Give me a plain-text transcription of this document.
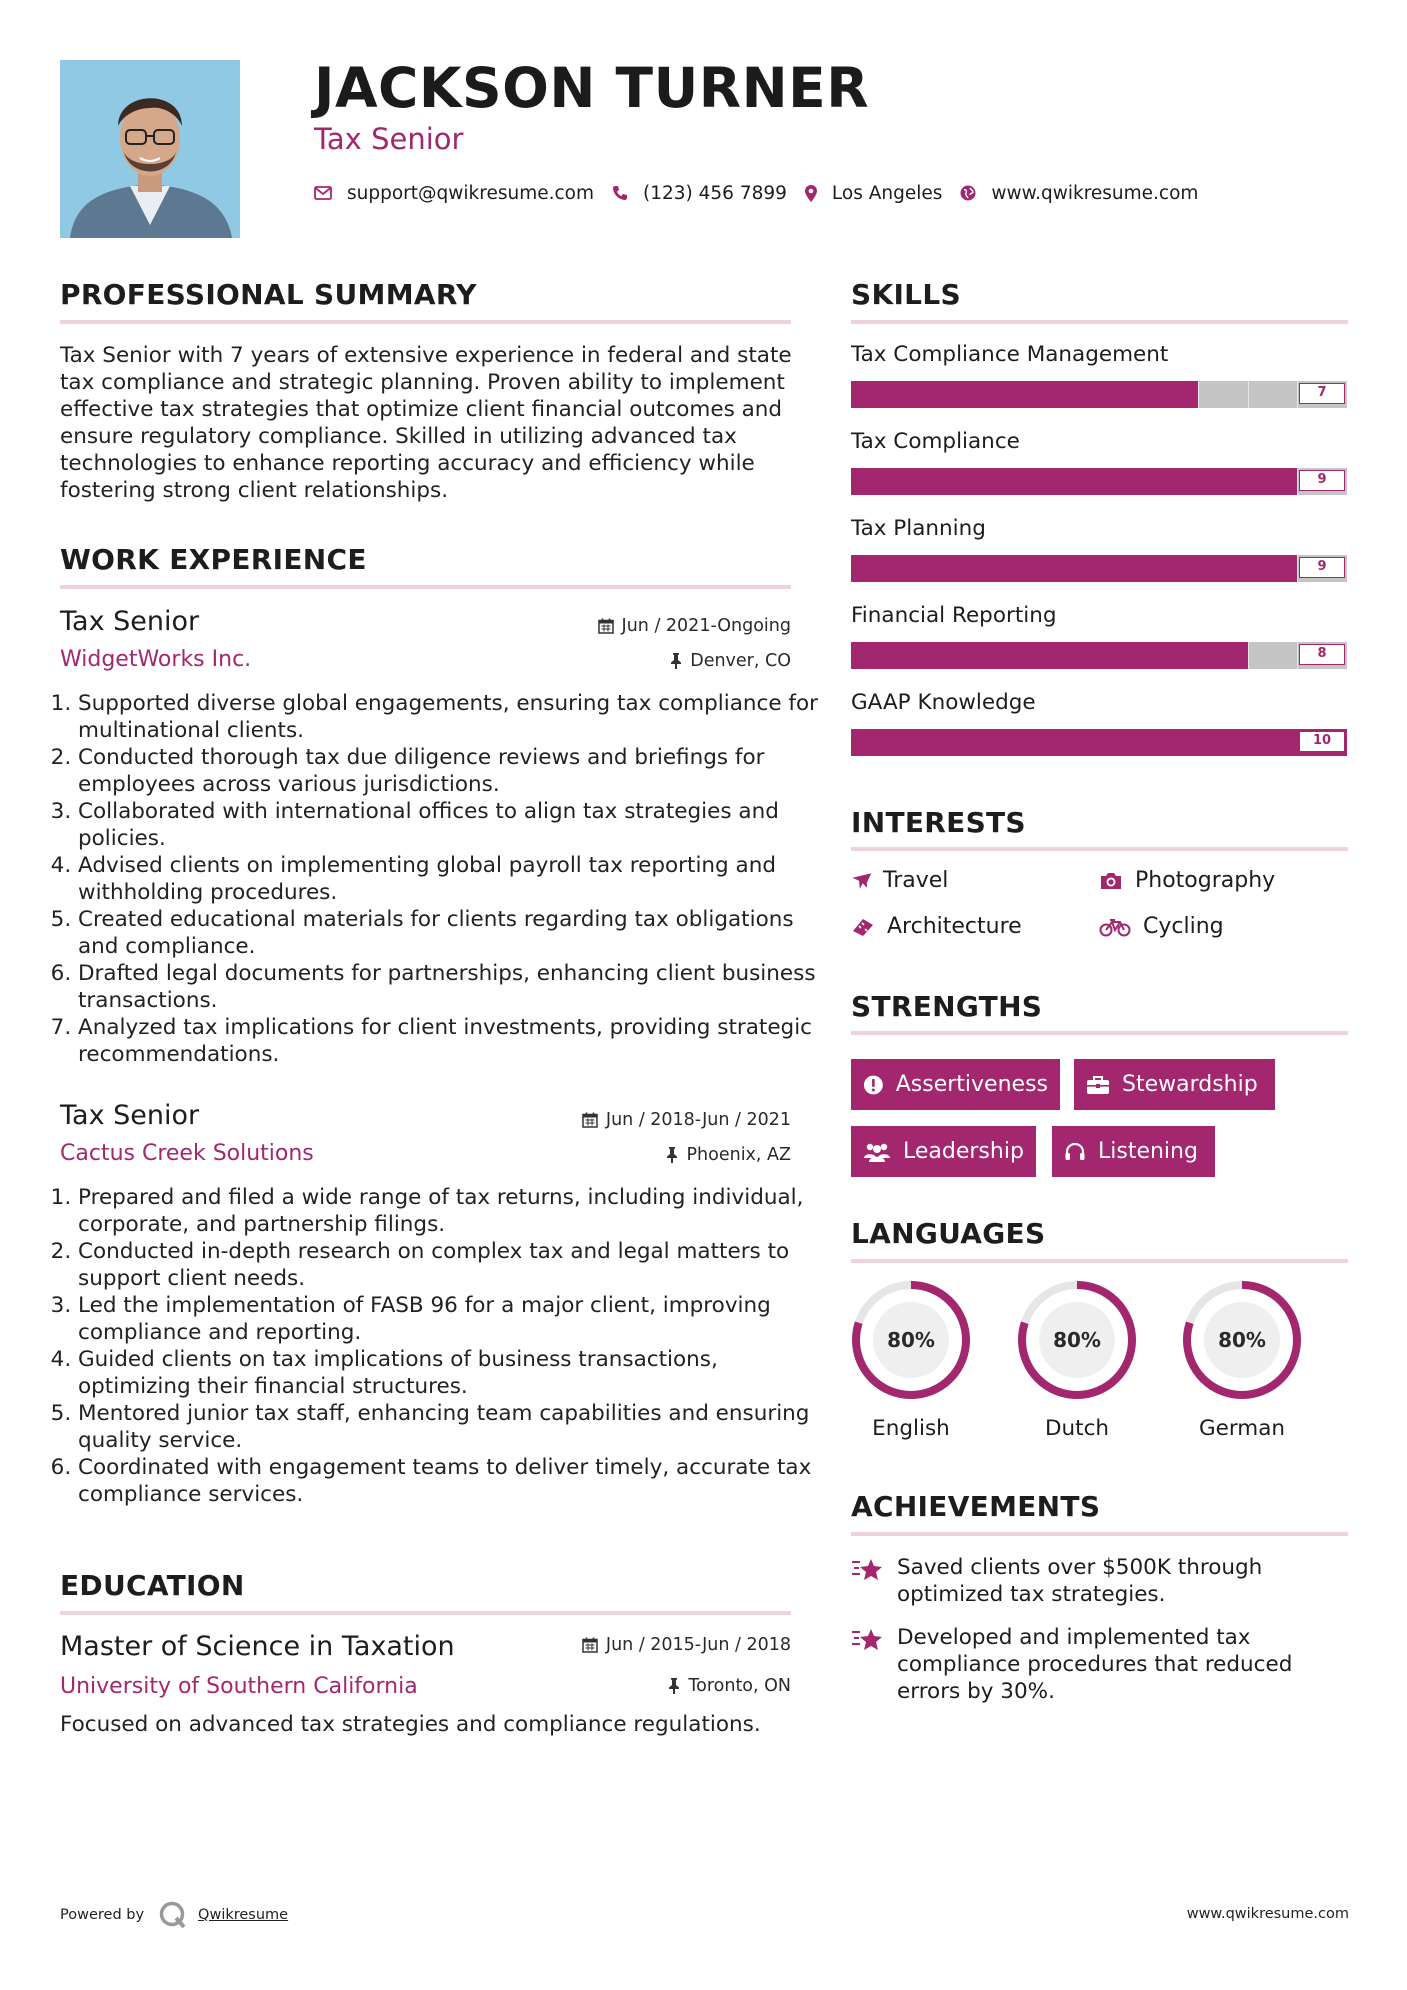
JACKSON TURNER
Tax Senior
support@qwikresume.com	(123) 456 7899 Los Angeles	www.qwikresume.com
PROFESSIONAL SUMMARY

Tax Senior with 7 years of extensive experience in federal and state tax compliance and strategic planning. Proven ability to implement effective tax strategies that optimize client financial outcomes and ensure regulatory compliance. Skilled in utilizing advanced tax technologies to enhance reporting accuracy and efficiency while fostering strong client relationships.

WORK EXPERIENCE
Tax Senior	Jun / 2021-Ongoing
WidgetWorks Inc.	Denver, CO
1. Supported diverse global engagements, ensuring tax compliance for multinational clients.
2. Conducted thorough tax due diligence reviews and briefings for employees across various jurisdictions.
3. Collaborated with international offices to align tax strategies and policies.
4. Advised clients on implementing global payroll tax reporting and withholding procedures.
5. Created educational materials for clients regarding tax obligations and compliance.
6. Drafted legal documents for partnerships, enhancing client business transactions.
7. Analyzed tax implications for client investments, providing strategic recommendations.
Tax Senior	Jun / 2018-Jun / 2021
Cactus Creek Solutions	Phoenix, AZ
1. Prepared and filed a wide range of tax returns, including individual, corporate, and partnership filings.
2. Conducted in-depth research on complex tax and legal matters to support client needs.
3. Led the implementation of FASB 96 for a major client, improving compliance and reporting.
4. Guided clients on tax implications of business transactions, optimizing their financial structures.
5. Mentored junior tax staff, enhancing team capabilities and ensuring quality service.
6. Coordinated with engagement teams to deliver timely, accurate tax compliance services.
EDUCATION
Master of Science in Taxation	Jun / 2015-Jun / 2018
University of Southern California	Toronto, ON
Focused on advanced tax strategies and compliance regulations.
SKILLS
Tax Compliance Management
7
Tax Compliance
9
Tax Planning
9
Financial Reporting
8
GAAP Knowledge
10
INTERESTS
Travel	Photography
Architecture	Cycling
STRENGTHS
Assertiveness	Stewardship
Leadership	Listening
LANGUAGES
80%
English
80%
Dutch
80%
German
ACHIEVEMENTS
Saved clients over $500K through optimized tax strategies.
Developed and implemented tax compliance procedures that reduced errors by 30%.
Powered by	Qwikresume	www.qwikresume.com
